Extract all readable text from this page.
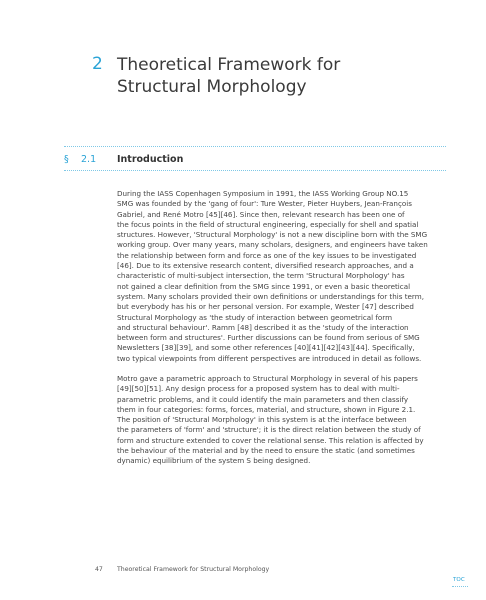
2 Theoretical Framework for
Structural Morphology
§ 2.1 Introduction
During the IASS Copenhagen Symposium in 1991, the IASS Working Group NO.15
SMG was founded by the 'gang of four': Ture Wester, Pieter Huybers, Jean-François
Gabriel, and René Motro [45][46]. Since then, relevant research has been one of
the focus points in the field of structural engineering, especially for shell and spatial
structures. However, 'Structural Morphology' is not a new discipline born with the SMG
working group. Over many years, many scholars, designers, and engineers have taken
the relationship between form and force as one of the key issues to be investigated
[46]. Due to its extensive research content, diversified research approaches, and a
characteristic of multi-subject intersection, the term 'Structural Morphology' has
not gained a clear definition from the SMG since 1991, or even a basic theoretical
system. Many scholars provided their own definitions or understandings for this term,
but everybody has his or her personal version. For example, Wester [47] described
Structural Morphology as 'the study of interaction between geometrical form
and structural behaviour'. Ramm [48] described it as the 'study of the interaction
between form and structures'. Further discussions can be found from serious of SMG
Newsletters [38][39], and some other references [40][41][42][43][44]. Specifically,
two typical viewpoints from different perspectives are introduced in detail as follows.
Motro gave a parametric approach to Structural Morphology in several of his papers
[49][50][51]. Any design process for a proposed system has to deal with multi-
parametric problems, and it could identify the main parameters and then classify
them in four categories: forms, forces, material, and structure, shown in Figure 2.1.
The position of 'Structural Morphology' in this system is at the interface between
the parameters of 'form' and 'structure'; it is the direct relation between the study of
form and structure extended to cover the relational sense. This relation is affected by
the behaviour of the material and by the need to ensure the static (and sometimes
dynamic) equilibrium of the system S being designed.
47 Theoretical Framework for Structural Morphology
TOC
